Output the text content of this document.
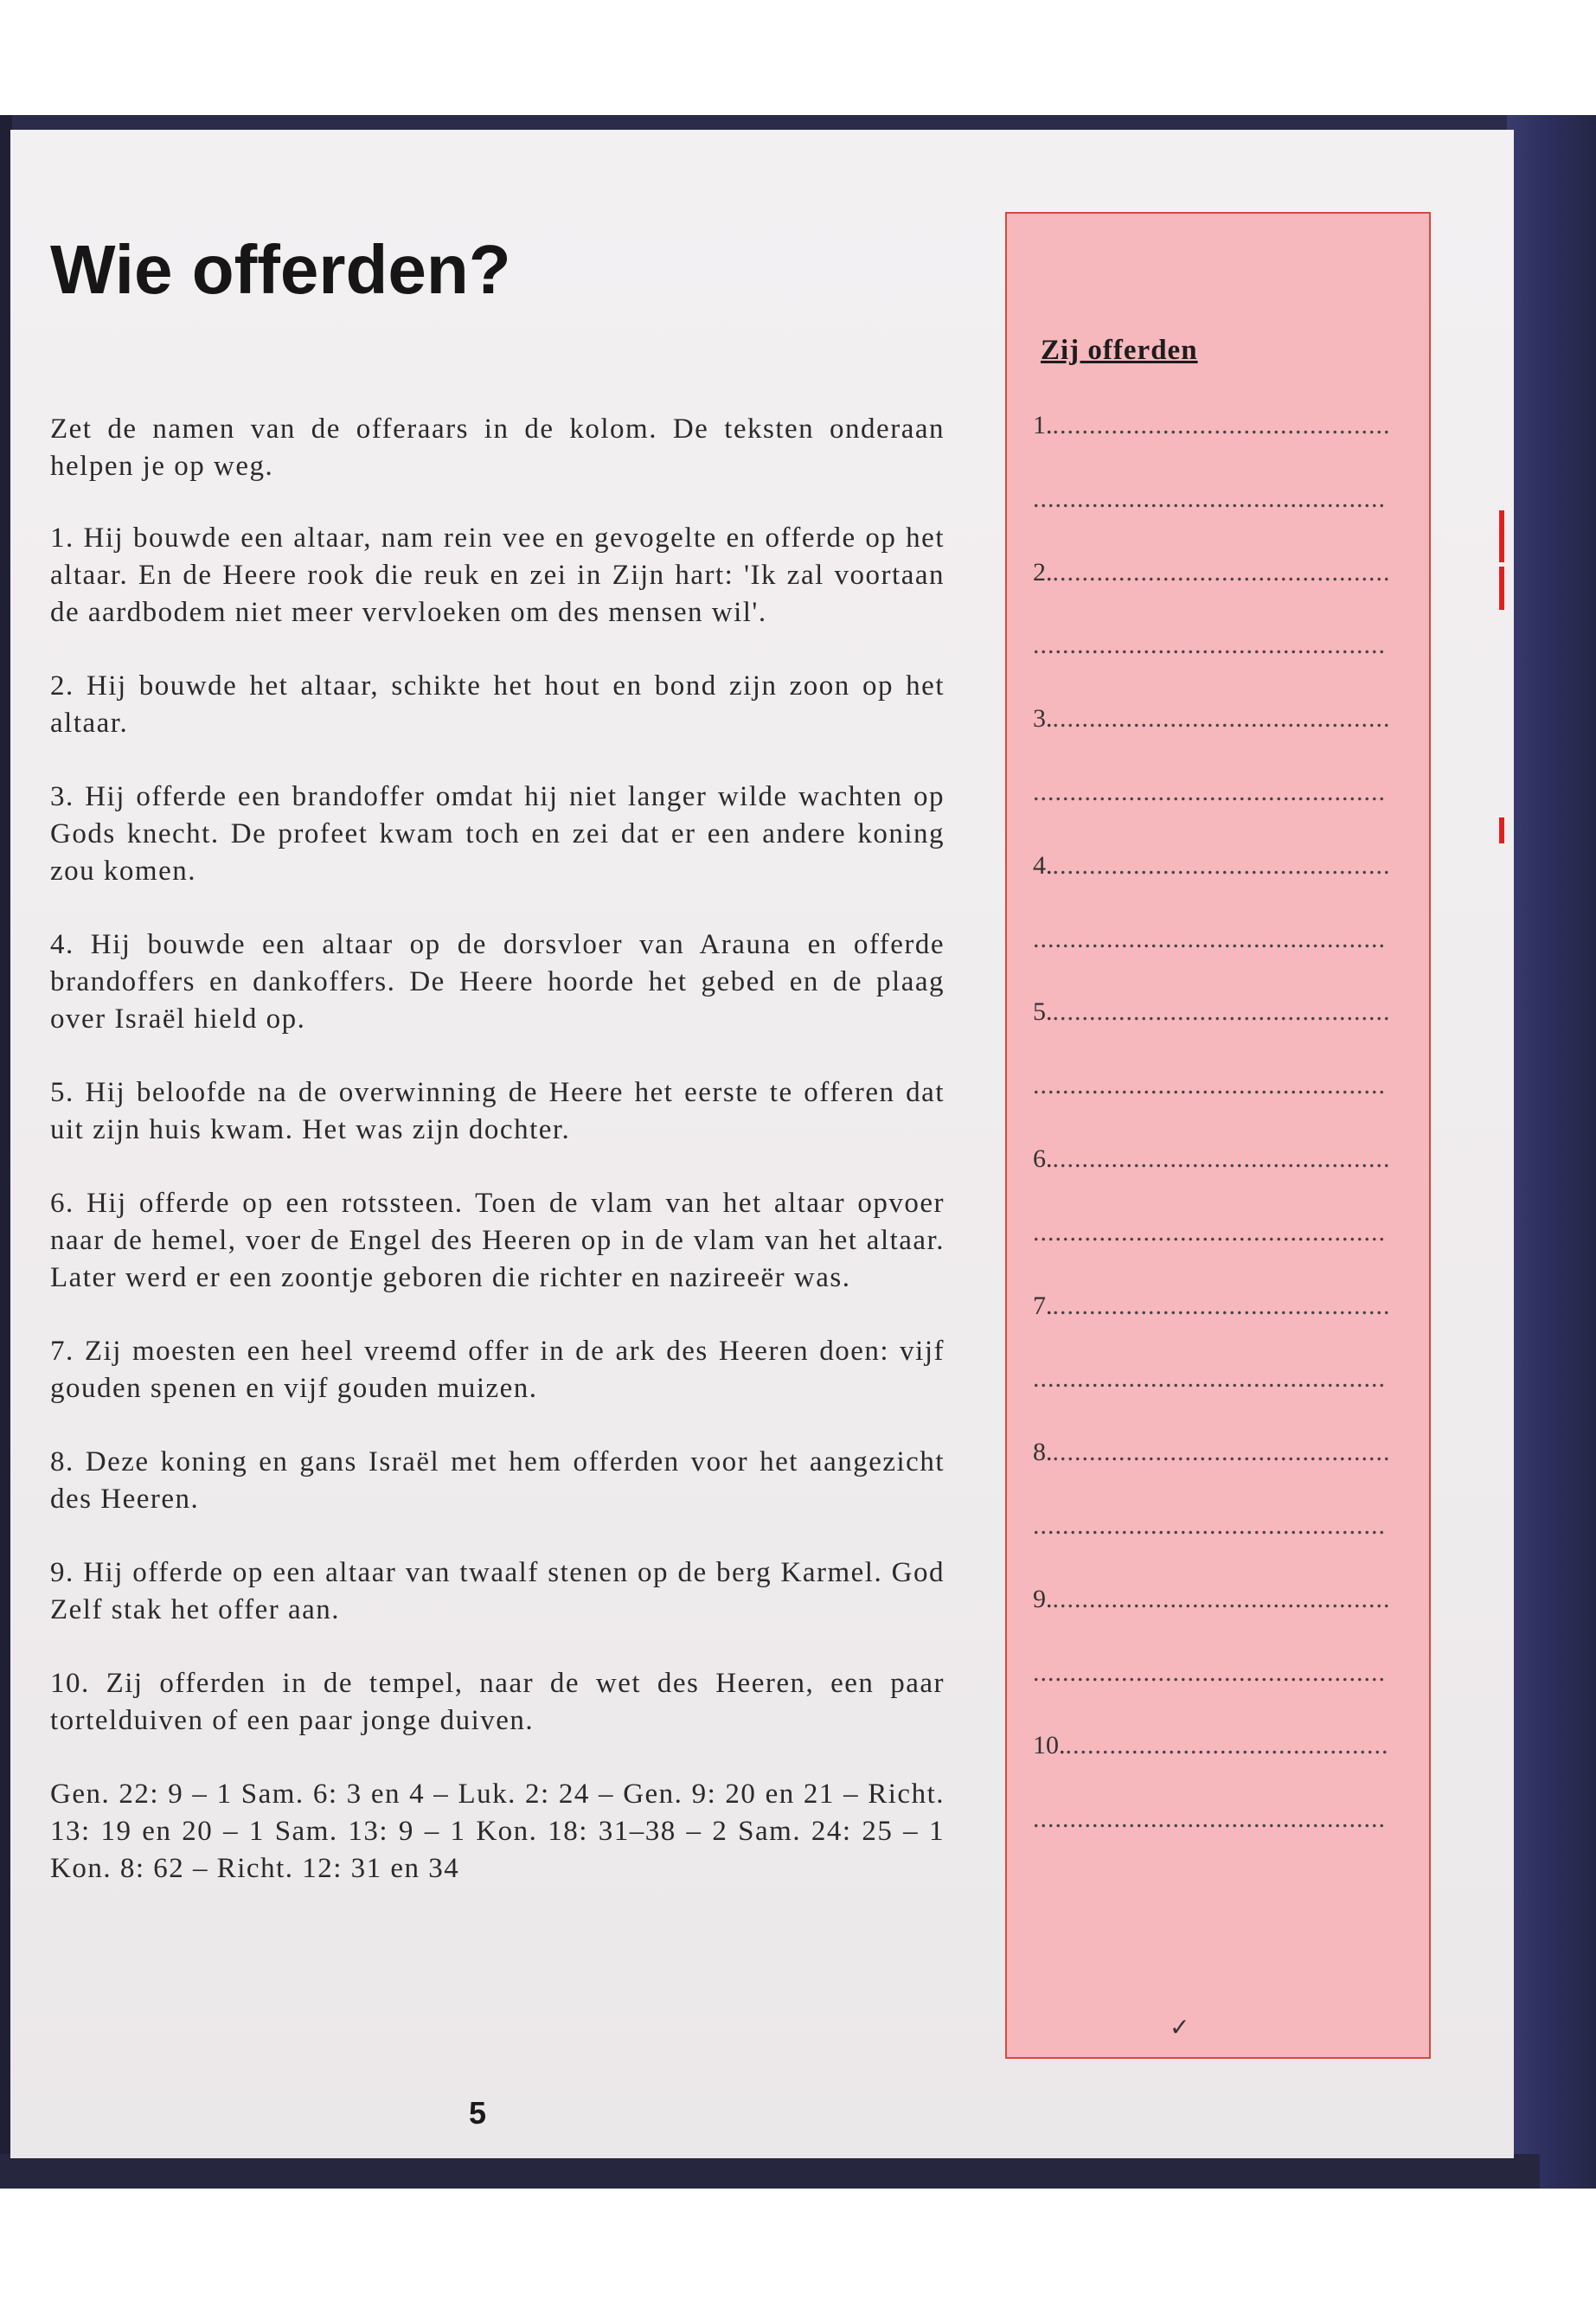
Wie offerden?

Zet de namen van de offeraars in de kolom. De teksten onderaan helpen je op weg.

1. Hij bouwde een altaar, nam rein vee en gevogelte en offerde op het altaar. En de Heere rook die reuk en zei in Zijn hart: 'Ik zal voortaan de aardbodem niet meer vervloeken om des mensen wil'.

2. Hij bouwde het altaar, schikte het hout en bond zijn zoon op het altaar.

3. Hij offerde een brandoffer omdat hij niet langer wilde wachten op Gods knecht. De profeet kwam toch en zei dat er een andere koning zou komen.

4. Hij bouwde een altaar op de dorsvloer van Arauna en offerde brandoffers en dankoffers. De Heere hoorde het gebed en de plaag over Israël hield op.

5. Hij beloofde na de overwinning de Heere het eerste te offeren dat uit zijn huis kwam. Het was zijn dochter.

6. Hij offerde op een rotssteen. Toen de vlam van het altaar opvoer naar de hemel, voer de Engel des Heeren op in de vlam van het altaar. Later werd er een zoontje geboren die richter en nazireeër was.

7. Zij moesten een heel vreemd offer in de ark des Heeren doen: vijf gouden spenen en vijf gouden muizen.

8. Deze koning en gans Israël met hem offerden voor het aangezicht des Heeren.

9. Hij offerde op een altaar van twaalf stenen op de berg Karmel. God Zelf stak het offer aan.

10. Zij offerden in de tempel, naar de wet des Heeren, een paar tortelduiven of een paar jonge duiven.

Gen. 22: 9 – 1 Sam. 6: 3 en 4 – Luk. 2: 24 – Gen. 9: 20 en 21 – Richt. 13: 19 en 20 – 1 Sam. 13: 9 – 1 Kon. 18: 31–38 – 2 Sam. 24: 25 – 1 Kon. 8: 62 – Richt. 12: 31 en 34

Zij offerden
1...............................................
................................................
2...............................................
................................................
3...............................................
................................................
4...............................................
................................................
5...............................................
................................................
6...............................................
................................................
7...............................................
................................................
8...............................................
................................................
9...............................................
................................................
10.............................................
................................................
✓
5
